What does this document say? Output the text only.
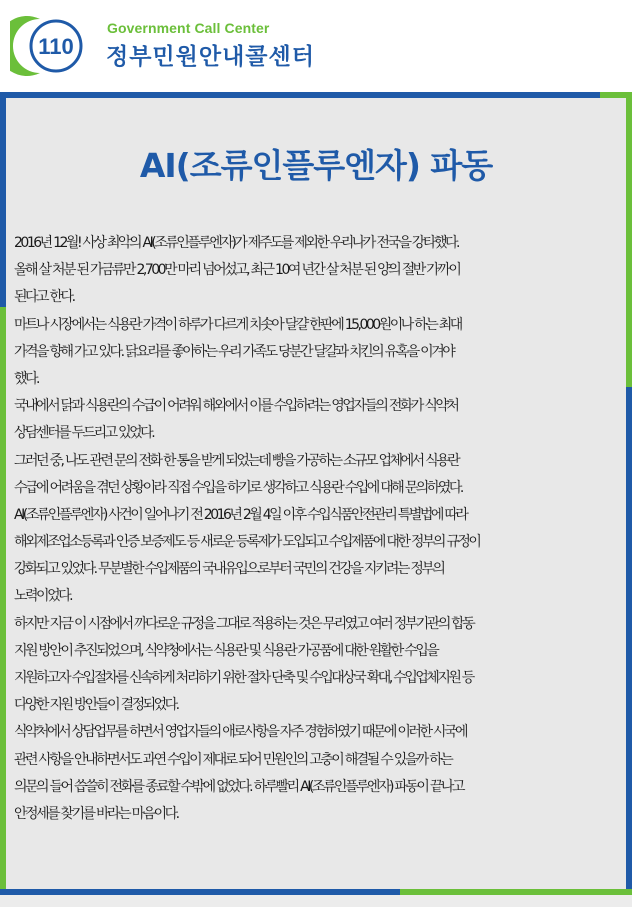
110
Government Call Center
정부민원안내콜센터
AI(조류인플루엔자) 파동

2016년 12월! 사상 최악의 AI(조류인플루엔자)가 제주도를 제외한 우리나가 전국을 강타했다.

올해 살 처분 된 가금류만 2,700만 마리 넘어섰고, 최근 10여 년간 살 처분 된 양의 절반 가까이

된다고 한다.

마트나 시장에서는 식용란 가격이 하루가 다르게 치솟아 달걀 한판에 15,000원이나 하는 최대

가격을 향해 가고 있다. 닭요리를 좋아하는 우리 가족도 당분간 달걀과 치킨의 유혹을 이겨야

했다.

국내에서 닭과 식용란의 수급이 어려워 해외에서 이를 수입하려는 영업자들의 전화가 식약처

상담센터를 두드리고 있었다.

그러던 중, 나도 관련 문의 전화 한 통을 받게 되었는데 빵을 가공하는 소규모 업체에서 식용란

수급에 어려움을 겪던 상황이라 직접 수입을 하기로 생각하고 식용란 수입에 대해 문의하였다.

AI(조류인플루엔자) 사건이 일어나기 전 2016년 2월 4일 이후 수입식품안전관리 특별법에 따라

해외제조업소등록과 인증 보증제도 등 새로운 등록제가 도입되고 수입제품에 대한 정부의 규정이

강화되고 있었다. 무분별한 수입제품의 국내유입으로부터 국민의 건강을 지키려는 정부의

노력이었다.

하지만 지금 이 시점에서 까다로운 규정을 그대로 적용하는 것은 무리였고 여러 정부기관의 합동

지원 방안이 추진되었으며, 식약청에서는 식용란 및 식용란 가공품에 대한 원활한 수입을

지원하고자 수입절차를 신속하게 처리하기 위한 절차 단축 및 수입대상국 확대, 수입업체지원 등

다양한 지원 방안들이 결정되었다.

식약처에서 상담업무를 하면서 영업자들의 애로사항을 자주 경험하였기 때문에 이러한 시국에

관련 사항을 안내하면서도 과연 수입이 제대로 되어 민원인의 고충이 해결될 수 있을까 하는

의문의 들어 씁쓸히 전화를 종료할 수밖에 없었다. 하루빨리 AI(조류인플루엔자) 파동이 끝나고

안정세를 찾기를 바라는 마음이다.
